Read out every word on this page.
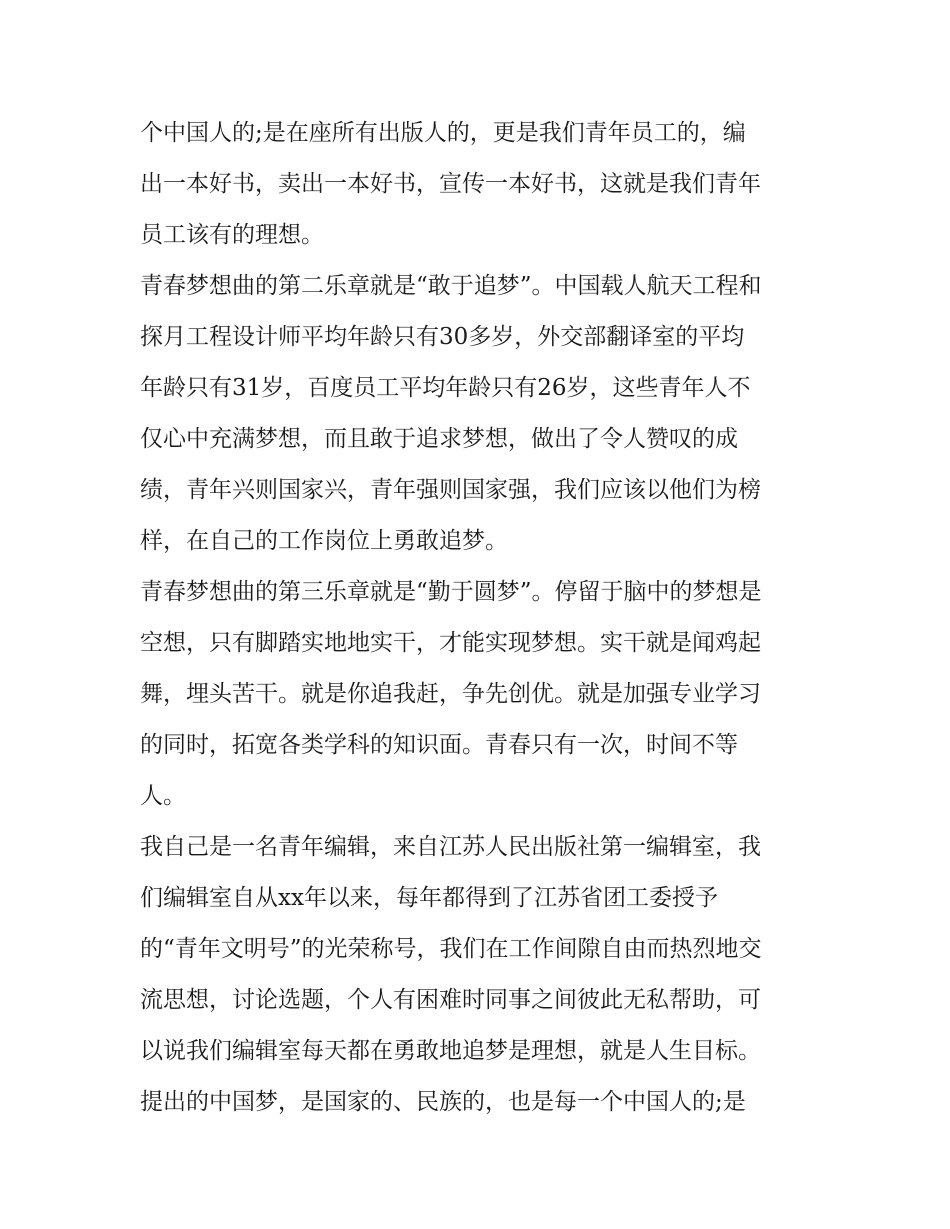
个中国人的;是在座所有出版人的，更是我们青年员工的，编
出一本好书，卖出一本好书，宣传一本好书，这就是我们青年
员工该有的理想。
青春梦想曲的第二乐章就是“敢于追梦”。中国载人航天工程和
探月工程设计师平均年龄只有30多岁，外交部翻译室的平均
年龄只有31岁，百度员工平均年龄只有26岁，这些青年人不
仅心中充满梦想，而且敢于追求梦想，做出了令人赞叹的成
绩，青年兴则国家兴，青年强则国家强，我们应该以他们为榜
样，在自己的工作岗位上勇敢追梦。
青春梦想曲的第三乐章就是“勤于圆梦”。停留于脑中的梦想是
空想，只有脚踏实地地实干，才能实现梦想。实干就是闻鸡起
舞，埋头苦干。就是你追我赶，争先创优。就是加强专业学习
的同时，拓宽各类学科的知识面。青春只有一次，时间不等
人。
我自己是一名青年编辑，来自江苏人民出版社第一编辑室，我
们编辑室自从xx年以来，每年都得到了江苏省团工委授予
的“青年文明号”的光荣称号，我们在工作间隙自由而热烈地交
流思想，讨论选题，个人有困难时同事之间彼此无私帮助，可
以说我们编辑室每天都在勇敢地追梦是理想，就是人生目标。
提出的中国梦，是国家的、民族的，也是每一个中国人的;是
